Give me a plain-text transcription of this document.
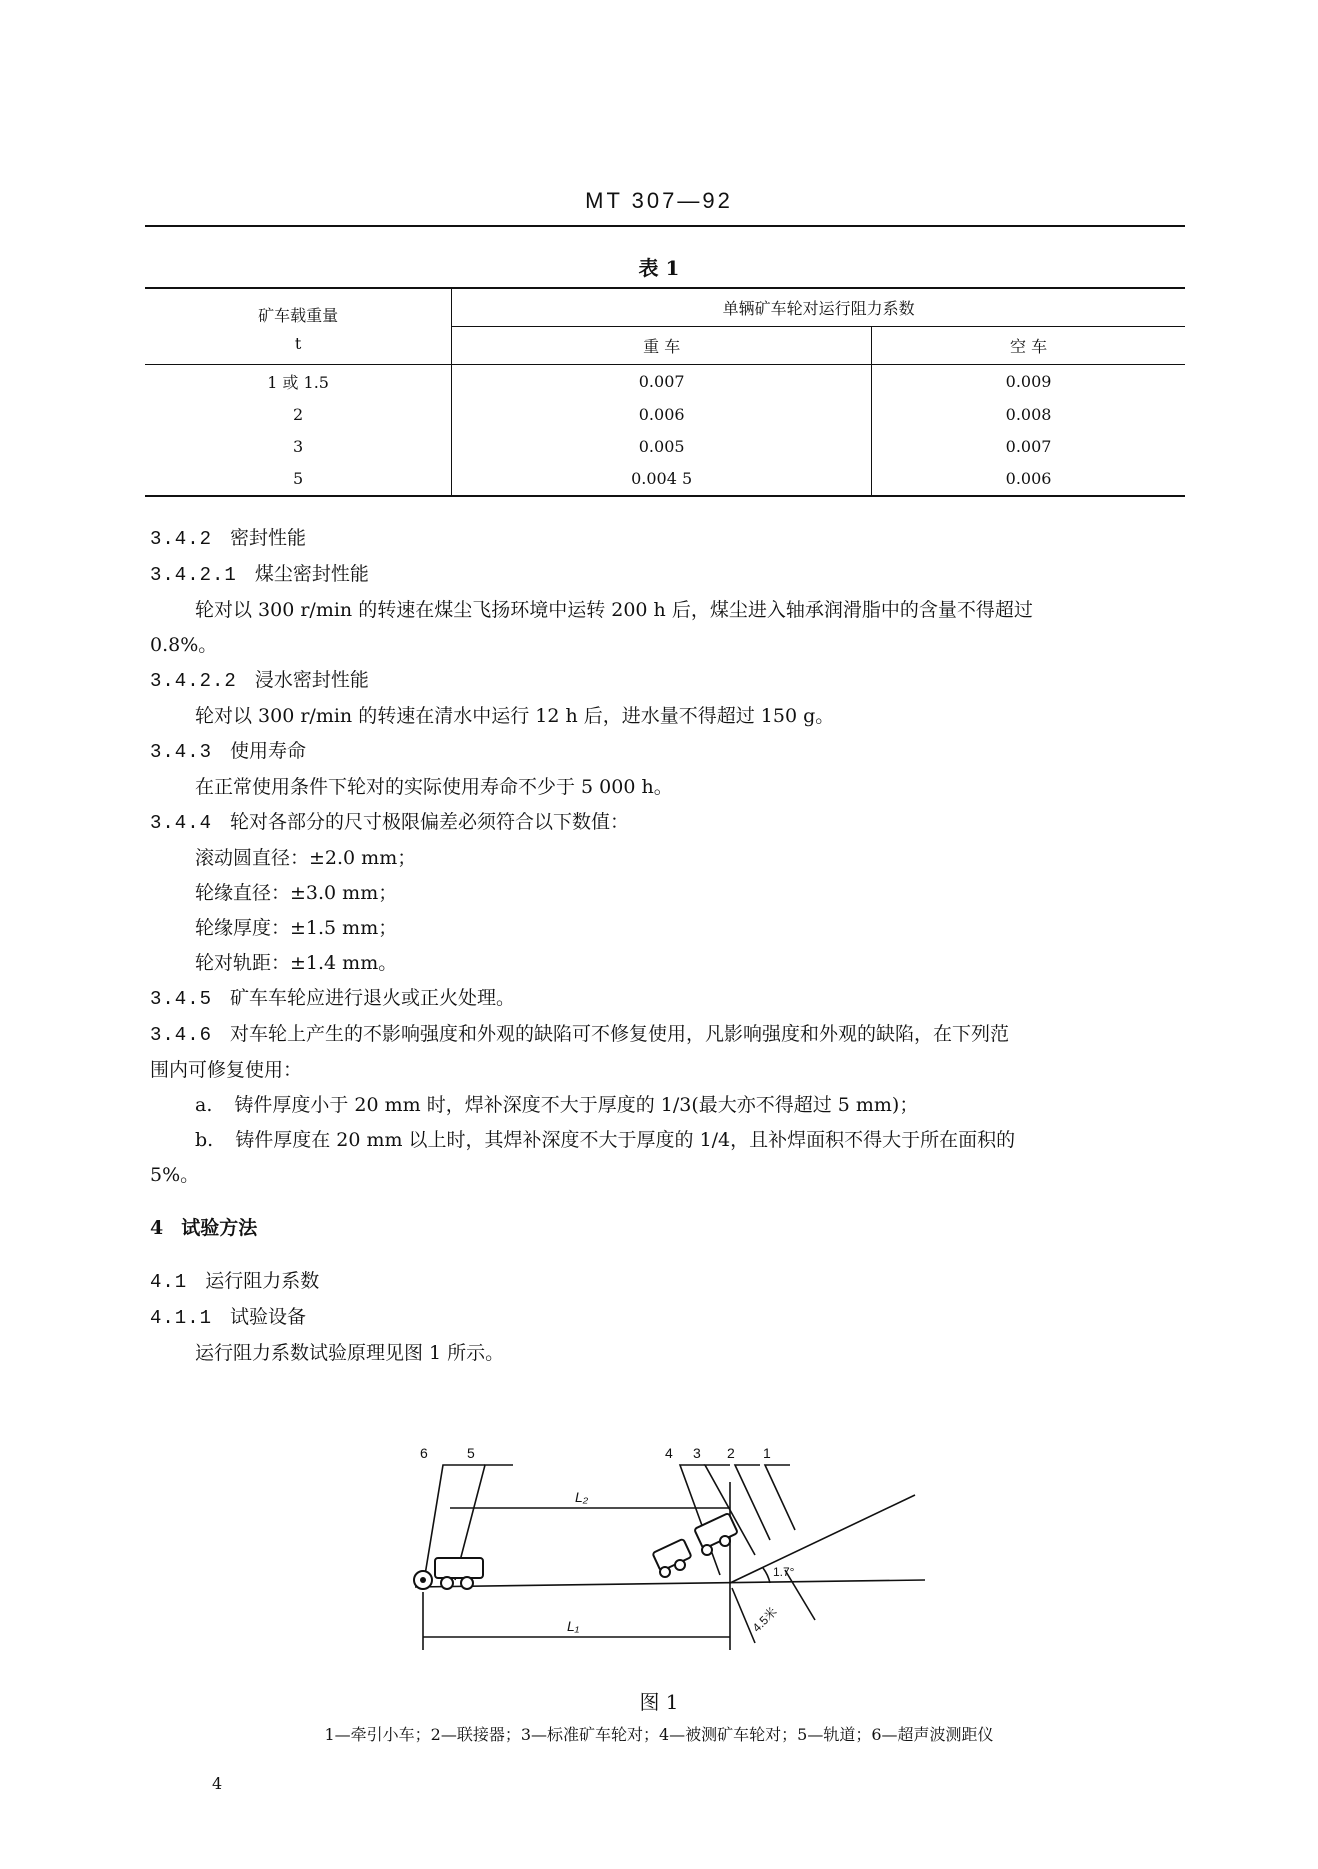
MT 307—92
表 1
矿车载重量
t	单辆矿车轮对运行阻力系数	
	重 车	空 车
1 或 1.5	0.007	0.009
2	0.006	0.008
3	0.005	0.007
5	0.004 5	0.006
3.4.2 密封性能
3.4.2.1 煤尘密封性能
轮对以 300 r/min 的转速在煤尘飞扬环境中运转 200 h 后，煤尘进入轴承润滑脂中的含量不得超过
0.8%。
3.4.2.2 浸水密封性能
轮对以 300 r/min 的转速在清水中运行 12 h 后，进水量不得超过 150 g。
3.4.3 使用寿命
在正常使用条件下轮对的实际使用寿命不少于 5 000 h。
3.4.4 轮对各部分的尺寸极限偏差必须符合以下数值：
滚动圆直径：±2.0 mm；
轮缘直径：±3.0 mm；
轮缘厚度：±1.5 mm；
轮对轨距：±1.4 mm。
3.4.5 矿车车轮应进行退火或正火处理。
3.4.6 对车轮上产生的不影响强度和外观的缺陷可不修复使用，凡影响强度和外观的缺陷，在下列范
围内可修复使用：
a. 铸件厚度小于 20 mm 时，焊补深度不大于厚度的 1/3(最大亦不得超过 5 mm)；
b. 铸件厚度在 20 mm 以上时，其焊补深度不大于厚度的 1/4，且补焊面积不得大于所在面积的
5%。
4 试验方法
4.1 运行阻力系数
4.1.1 试验设备
运行阻力系数试验原理见图 1 所示。
6	5	4 3 2 1
L₂
L₁
1.7°
4.5米
图 1
1—牵引小车；2—联接器；3—标准矿车轮对；4—被测矿车轮对；5—轨道；6—超声波测距仪
4
